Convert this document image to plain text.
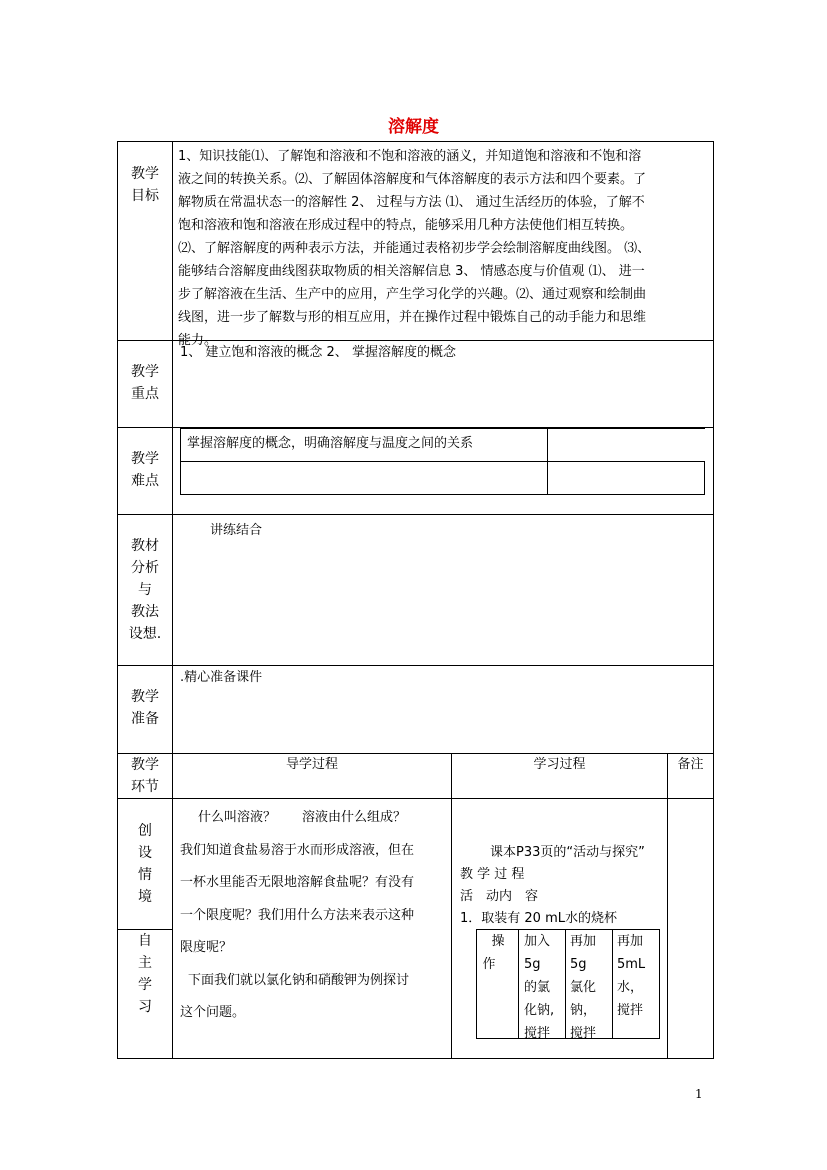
溶解度
教学
目标
1、知识技能⑴、了解饱和溶液和不饱和溶液的涵义，并知道饱和溶液和不饱和溶
液之间的转换关系。⑵、了解固体溶解度和气体溶解度的表示方法和四个要素。了
解物质在常温状态一的溶解性 2、 过程与方法 ⑴、 通过生活经历的体验，了解不
饱和溶液和饱和溶液在形成过程中的特点，能够采用几种方法使他们相互转换。
⑵、了解溶解度的两种表示方法，并能通过表格初步学会绘制溶解度曲线图。 ⑶、
能够结合溶解度曲线图获取物质的相关溶解信息 3、 情感态度与价值观 ⑴、 进一
步了解溶液在生活、生产中的应用，产生学习化学的兴趣。⑵、通过观察和绘制曲
线图，进一步了解数与形的相互应用，并在操作过程中锻炼自己的动手能力和思维
能力。
教学
重点
1、 建立饱和溶液的概念 2、 掌握溶解度的概念
教学
难点
掌握溶解度的概念，明确溶解度与温度之间的关系
教材
分析
与
教法
设想.
讲练结合
教学
准备
.精心准备课件
教学
环节
导学过程	学习过程	备注
创
设
情
境
自
主
学
习
什么叫溶液？　　溶液由什么组成？
我们知道食盐易溶于水而形成溶液，但在
一杯水里能否无限地溶解食盐呢？有没有
一个限度呢？我们用什么方法来表示这种
限度呢？
下面我们就以氯化钠和硝酸钾为例探讨
这个问题。
课本P33页的“活动与探究”
教 学 过 程
活　动内　容
1．取装有 20 mL水的烧杯
操
作
加入
5g
的氯
化钠,
搅拌
再加
5g
氯化
钠，
搅拌
再加
5mL
水，
搅拌
1
